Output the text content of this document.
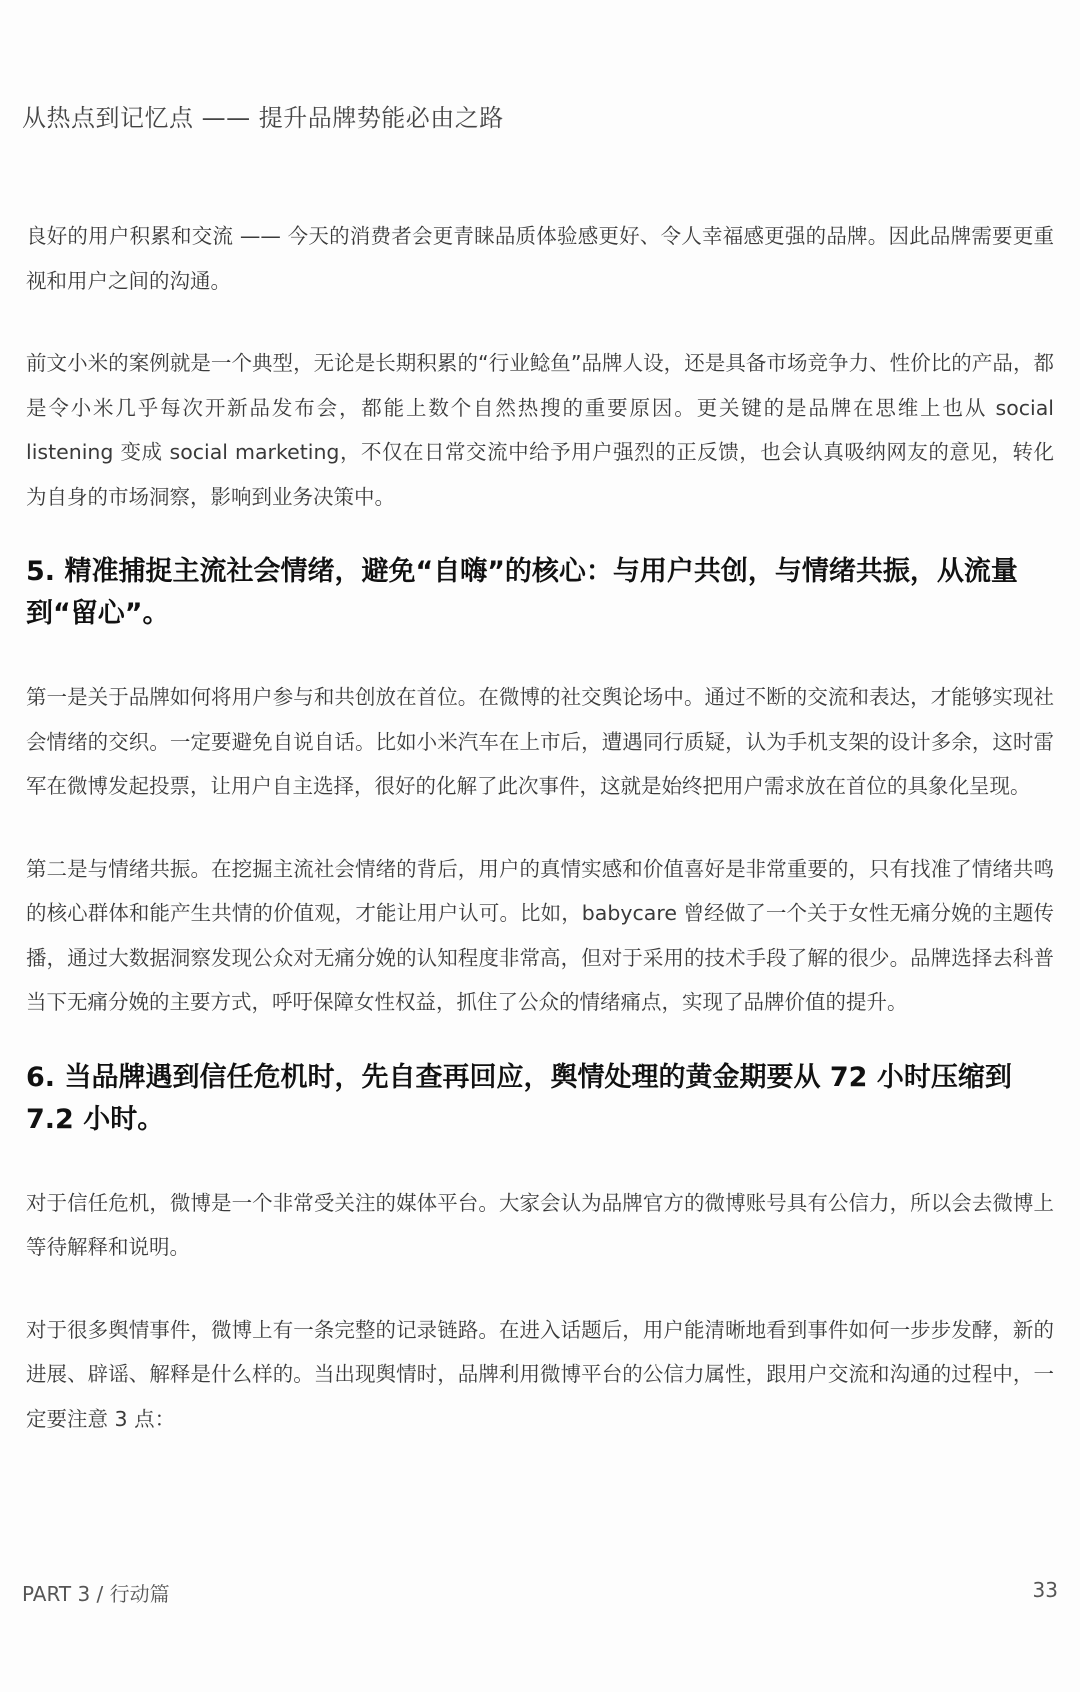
从热点到记忆点 —— 提升品牌势能必由之路

良好的用户积累和交流 —— 今天的消费者会更青睐品质体验感更好、令人幸福感更强的品牌。因此品牌需要更重视和用户之间的沟通。

前文小米的案例就是一个典型，无论是长期积累的“行业鲶鱼”品牌人设，还是具备市场竞争力、性价比的产品，都是令小米几乎每次开新品发布会，都能上数个自然热搜的重要原因。更关键的是品牌在思维上也从 social listening 变成 social marketing，不仅在日常交流中给予用户强烈的正反馈，也会认真吸纳网友的意见，转化为自身的市场洞察，影响到业务决策中。

5. 精准捕捉主流社会情绪，避免“自嗨”的核心：与用户共创，与情绪共振，从流量到“留心”。

第一是关于品牌如何将用户参与和共创放在首位。在微博的社交舆论场中。通过不断的交流和表达，才能够实现社会情绪的交织。一定要避免自说自话。比如小米汽车在上市后，遭遇同行质疑，认为手机支架的设计多余，这时雷军在微博发起投票，让用户自主选择，很好的化解了此次事件，这就是始终把用户需求放在首位的具象化呈现。

第二是与情绪共振。在挖掘主流社会情绪的背后，用户的真情实感和价值喜好是非常重要的，只有找准了情绪共鸣的核心群体和能产生共情的价值观，才能让用户认可。比如，babycare 曾经做了一个关于女性无痛分娩的主题传播，通过大数据洞察发现公众对无痛分娩的认知程度非常高，但对于采用的技术手段了解的很少。品牌选择去科普当下无痛分娩的主要方式，呼吁保障女性权益，抓住了公众的情绪痛点，实现了品牌价值的提升。

6. 当品牌遇到信任危机时，先自查再回应，舆情处理的黄金期要从 72 小时压缩到 7.2 小时。

对于信任危机，微博是一个非常受关注的媒体平台。大家会认为品牌官方的微博账号具有公信力，所以会去微博上等待解释和说明。

对于很多舆情事件，微博上有一条完整的记录链路。在进入话题后，用户能清晰地看到事件如何一步步发酵，新的进展、辟谣、解释是什么样的。当出现舆情时，品牌利用微博平台的公信力属性，跟用户交流和沟通的过程中，一定要注意 3 点：

PART 3 / 行动篇	33
